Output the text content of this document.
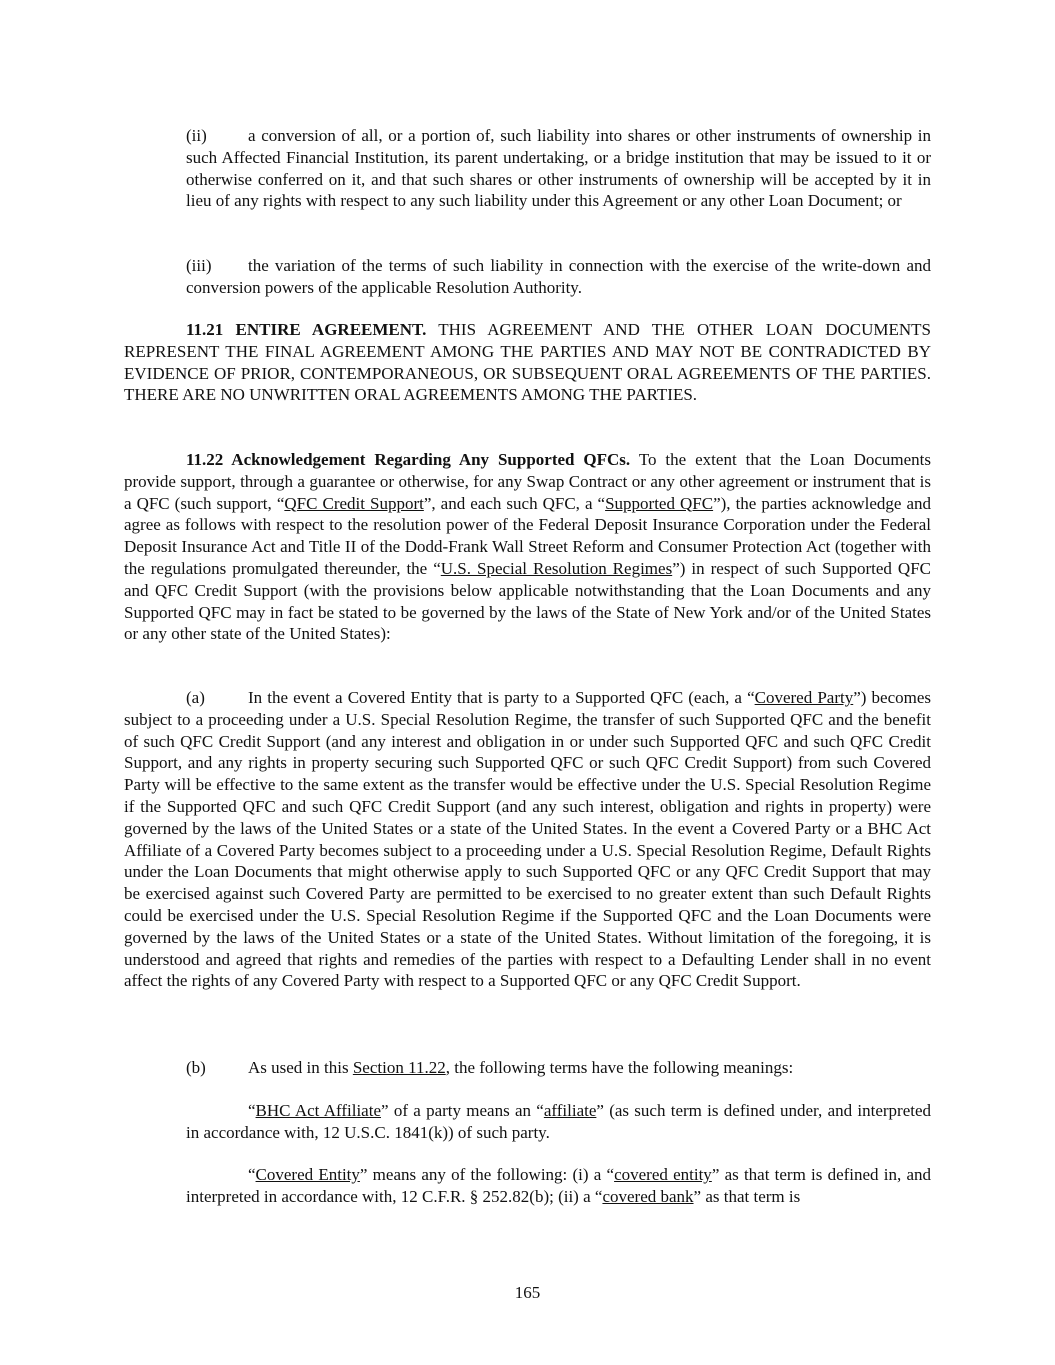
(ii) a conversion of all, or a portion of, such liability into shares or other instruments of ownership in such Affected Financial Institution, its parent undertaking, or a bridge institution that may be issued to it or otherwise conferred on it, and that such shares or other instruments of ownership will be accepted by it in lieu of any rights with respect to any such liability under this Agreement or any other Loan Document; or

(iii) the variation of the terms of such liability in connection with the exercise of the write-down and conversion powers of the applicable Resolution Authority.

11.21 ENTIRE AGREEMENT. THIS AGREEMENT AND THE OTHER LOAN DOCUMENTS REPRESENT THE FINAL AGREEMENT AMONG THE PARTIES AND MAY NOT BE CONTRADICTED BY EVIDENCE OF PRIOR, CONTEMPORANEOUS, OR SUBSEQUENT ORAL AGREEMENTS OF THE PARTIES. THERE ARE NO UNWRITTEN ORAL AGREEMENTS AMONG THE PARTIES.

11.22 Acknowledgement Regarding Any Supported QFCs. To the extent that the Loan Documents provide support, through a guarantee or otherwise, for any Swap Contract or any other agreement or instrument that is a QFC (such support, “QFC Credit Support”, and each such QFC, a “Supported QFC”), the parties acknowledge and agree as follows with respect to the resolution power of the Federal Deposit Insurance Corporation under the Federal Deposit Insurance Act and Title II of the Dodd-Frank Wall Street Reform and Consumer Protection Act (together with the regulations promulgated thereunder, the “U.S. Special Resolution Regimes”) in respect of such Supported QFC and QFC Credit Support (with the provisions below applicable notwithstanding that the Loan Documents and any Supported QFC may in fact be stated to be governed by the laws of the State of New York and/or of the United States or any other state of the United States):

(a)	In the event a Covered Entity that is party to a Supported QFC (each, a “Covered Party”) becomes subject to a proceeding under a U.S. Special Resolution Regime, the transfer of such Supported QFC and the benefit of such QFC Credit Support (and any interest and obligation in or under such Supported QFC and such QFC Credit Support, and any rights in property securing such Supported QFC or such QFC Credit Support) from such Covered Party will be effective to the same extent as the transfer would be effective under the U.S. Special Resolution Regime if the Supported QFC and such QFC Credit Support (and any such interest, obligation and rights in property) were governed by the laws of the United States or a state of the United States. In the event a Covered Party or a BHC Act Affiliate of a Covered Party becomes subject to a proceeding under a U.S. Special Resolution Regime, Default Rights under the Loan Documents that might otherwise apply to such Supported QFC or any QFC Credit Support that may be exercised against such Covered Party are permitted to be exercised to no greater extent than such Default Rights could be exercised under the U.S. Special Resolution Regime if the Supported QFC and the Loan Documents were governed by the laws of the United States or a state of the United States. Without limitation of the foregoing, it is understood and agreed that rights and remedies of the parties with respect to a Defaulting Lender shall in no event affect the rights of any Covered Party with respect to a Supported QFC or any QFC Credit Support.

(b) As used in this Section 11.22, the following terms have the following meanings:

“BHC Act Affiliate” of a party means an “affiliate” (as such term is defined under, and interpreted in accordance with, 12 U.S.C. 1841(k)) of such party.

“Covered Entity” means any of the following: (i) a “covered entity” as that term is defined in, and interpreted in accordance with, 12 C.F.R. § 252.82(b); (ii) a “covered bank” as that term is

165
